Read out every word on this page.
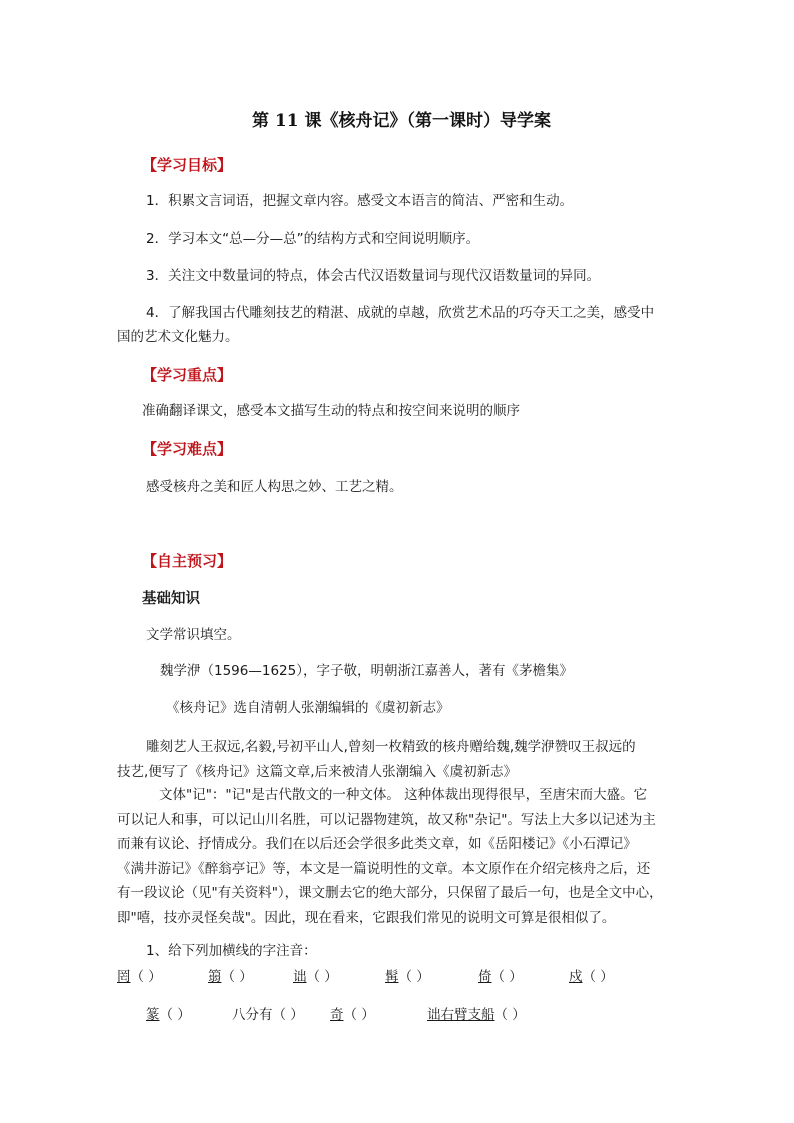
第 11 课《核舟记》（第一课时）导学案
【学习目标】
1．积累文言词语，把握文章内容。感受文本语言的简洁、严密和生动。
2．学习本文“总—分—总”的结构方式和空间说明顺序。
3．关注文中数量词的特点，体会古代汉语数量词与现代汉语数量词的异同。
4．了解我国古代雕刻技艺的精湛、成就的卓越，欣赏艺术品的巧夺天工之美，感受中
国的艺术文化魅力。
【学习重点】
准确翻译课文，感受本文描写生动的特点和按空间来说明的顺序
【学习难点】
感受核舟之美和匠人构思之妙、工艺之精。
【自主预习】
基础知识
文学常识填空。
魏学洢（1596—1625），字子敬，明朝浙江嘉善人，著有《茅檐集》
《核舟记》选自清朝人张潮编辑的《虞初新志》

雕刻艺人王叔远,名毅,号初平山人,曾刻一枚精致的核舟赠给魏,魏学洢赞叹王叔远的

技艺,便写了《核舟记》这篇文章,后来被清人张潮编入《虞初新志》

文体"记"："记"是古代散文的一种文体。 这种体裁出现得很早，至唐宋而大盛。它

可以记人和事，可以记山川名胜，可以记器物建筑，故又称"杂记"。写法上大多以记述为主

而兼有议论、抒情成分。我们在以后还会学很多此类文章，如《岳阳楼记》《小石潭记》

《满井游记》《醉翁亭记》等，本文是一篇说明性的文章。本文原作在介绍完核舟之后，还

有一段议论（见"有关资料"），课文删去它的绝大部分，只保留了最后一句，也是全文中心，

即"嘻，技亦灵怪矣哉"。因此，现在看来，它跟我们常见的说明文可算是很相似了。

1、给下列加横线的字注音：
罔（ ）	篛（ ）	诎（ ）	髯（ ）	倚（ ）	戍（ ）
篆（ ）	八分有（ ） 奇（ ）	诎右臂支船（ ）
